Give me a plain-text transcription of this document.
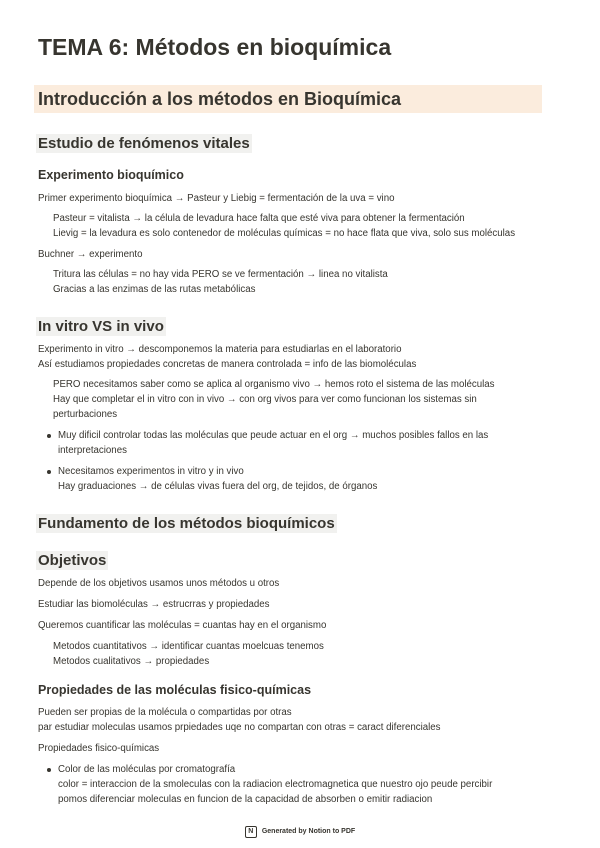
TEMA 6: Métodos en bioquímica
Introducción a los métodos en Bioquímica
Estudio de fenómenos vitales
Experimento bioquímico
Primer experimento bioquímica → Pasteur y Liebig = fermentación de la uva = vino
Pasteur = vitalista → la célula de levadura hace falta que esté viva para obtener la fermentación
Lievig = la levadura es solo contenedor de moléculas químicas = no hace flata que viva, solo sus moléculas
Buchner → experimento
Tritura las células = no hay vida PERO se ve fermentación → linea no vitalista
Gracias a las enzimas de las rutas metabólicas
In vitro VS in vivo
Experimento in vitro → descomponemos la materia para estudiarlas en el laboratorio
Así estudiamos propiedades concretas de manera controlada = info de las biomoléculas
PERO necesitamos saber como se aplica al organismo vivo → hemos roto el sistema de las moléculas
Hay que completar el in vitro con in vivo → con org vivos para ver como funcionan los sistemas sin
perturbaciones
Muy dificil controlar todas las moléculas que peude actuar en el org → muchos posibles fallos en las
interpretaciones
Necesitamos experimentos in vitro y in vivo
Hay graduaciones → de células vivas fuera del org, de tejidos, de órganos
Fundamento de los métodos bioquímicos
Objetivos
Depende de los objetivos usamos unos métodos u otros
Estudiar las biomoléculas → estrucrras y propiedades
Queremos cuantificar las moléculas = cuantas hay en el organismo
Metodos cuantitativos → identificar cuantas moelcuas tenemos
Metodos cualitativos → propiedades
Propiedades de las moléculas fisico-químicas
Pueden ser propias de la molécula o compartidas por otras
par estudiar moleculas usamos prpiedades uqe no compartan con otras = caract diferenciales
Propiedades fisico-químicas
Color de las moléculas por cromatografía
color = interaccion de la smoleculas con la radiacion electromagnetica que nuestro ojo peude percibir
pomos diferenciar moleculas en funcion de la capacidad de absorben o emitir radiacion
N Generated by Notion to PDF
